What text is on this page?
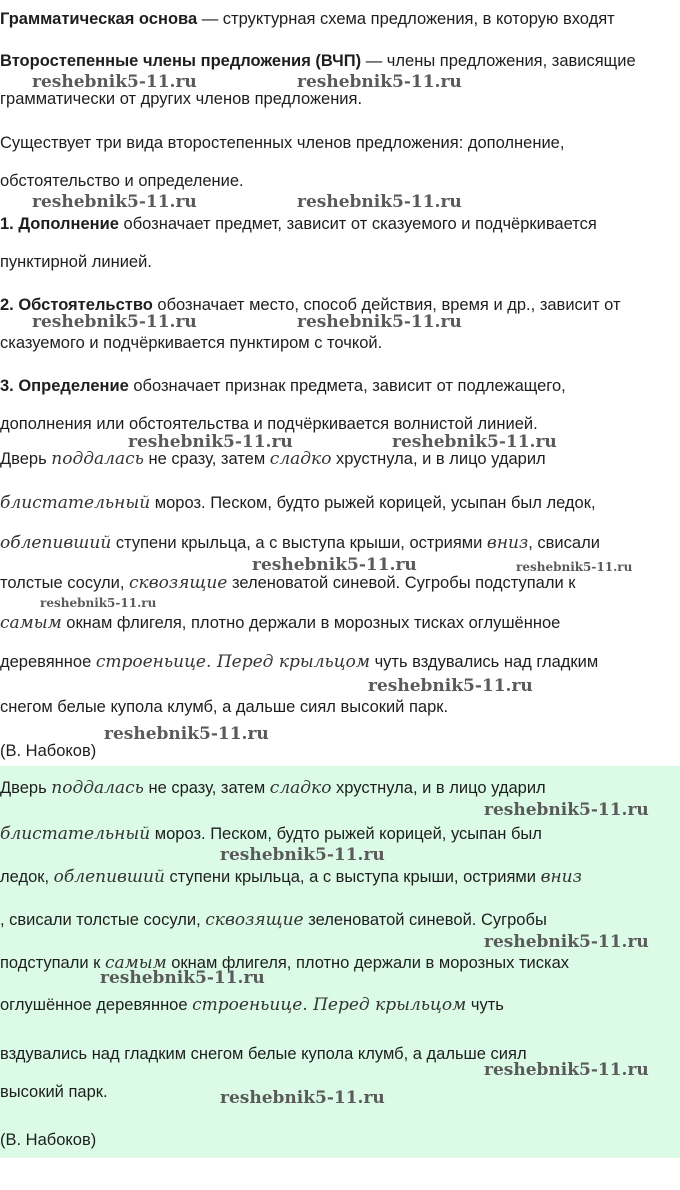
Грамматическая основа — структурная схема предложения, в которую входят
Второстепенные члены предложения (ВЧП) — члены предложения, зависящие
грамматически от других членов предложения.
Существует три вида второстепенных членов предложения: дополнение,
обстоятельство и определение.
1. Дополнение обозначает предмет, зависит от сказуемого и подчёркивается
пунктирной линией.
2. Обстоятельство обозначает место, способ действия, время и др., зависит от
сказуемого и подчёркивается пунктиром с точкой.
3. Определение обозначает признак предмета, зависит от подлежащего,
дополнения или обстоятельства и подчёркивается волнистой линией.
Дверь поддалась не сразу, затем сладко хрустнула, и в лицо ударил
блистательный мороз. Песком, будто рыжей корицей, усыпан был ледок,
облепивший ступени крыльца, а с выступа крыши, остриями вниз, свисали
толстые сосули, сквозящие зеленоватой синевой. Сугробы подступали к
самым окнам флигеля, плотно держали в морозных тисках оглушённое
деревянное строеньице. Перед крыльцом чуть вздувались над гладким
снегом белые купола клумб, а дальше сиял высокий парк.
(В. Набоков)
Дверь поддалась не сразу, затем сладко хрустнула, и в лицо ударил
блистательный мороз. Песком, будто рыжей корицей, усыпан был
ледок, облепивший ступени крыльца, а с выступа крыши, остриями вниз
, свисали толстые сосули, сквозящие зеленоватой синевой. Сугробы
подступали к самым окнам флигеля, плотно держали в морозных тисках
оглушённое деревянное строеньице. Перед крыльцом чуть
вздувались над гладким снегом белые купола клумб, а дальше сиял
высокий парк.
(В. Набоков)
reshebnik5-11.ru	reshebnik5-11.ru
reshebnik5-11.ru	reshebnik5-11.ru
reshebnik5-11.ru	reshebnik5-11.ru
reshebnik5-11.ru	reshebnik5-11.ru
reshebnik5-11.ru	reshebnik5-11.ru
reshebnik5-11.ru
reshebnik5-11.ru
reshebnik5-11.ru
reshebnik5-11.ru
reshebnik5-11.ru
reshebnik5-11.ru
reshebnik5-11.ru
reshebnik5-11.ru
reshebnik5-11.ru
